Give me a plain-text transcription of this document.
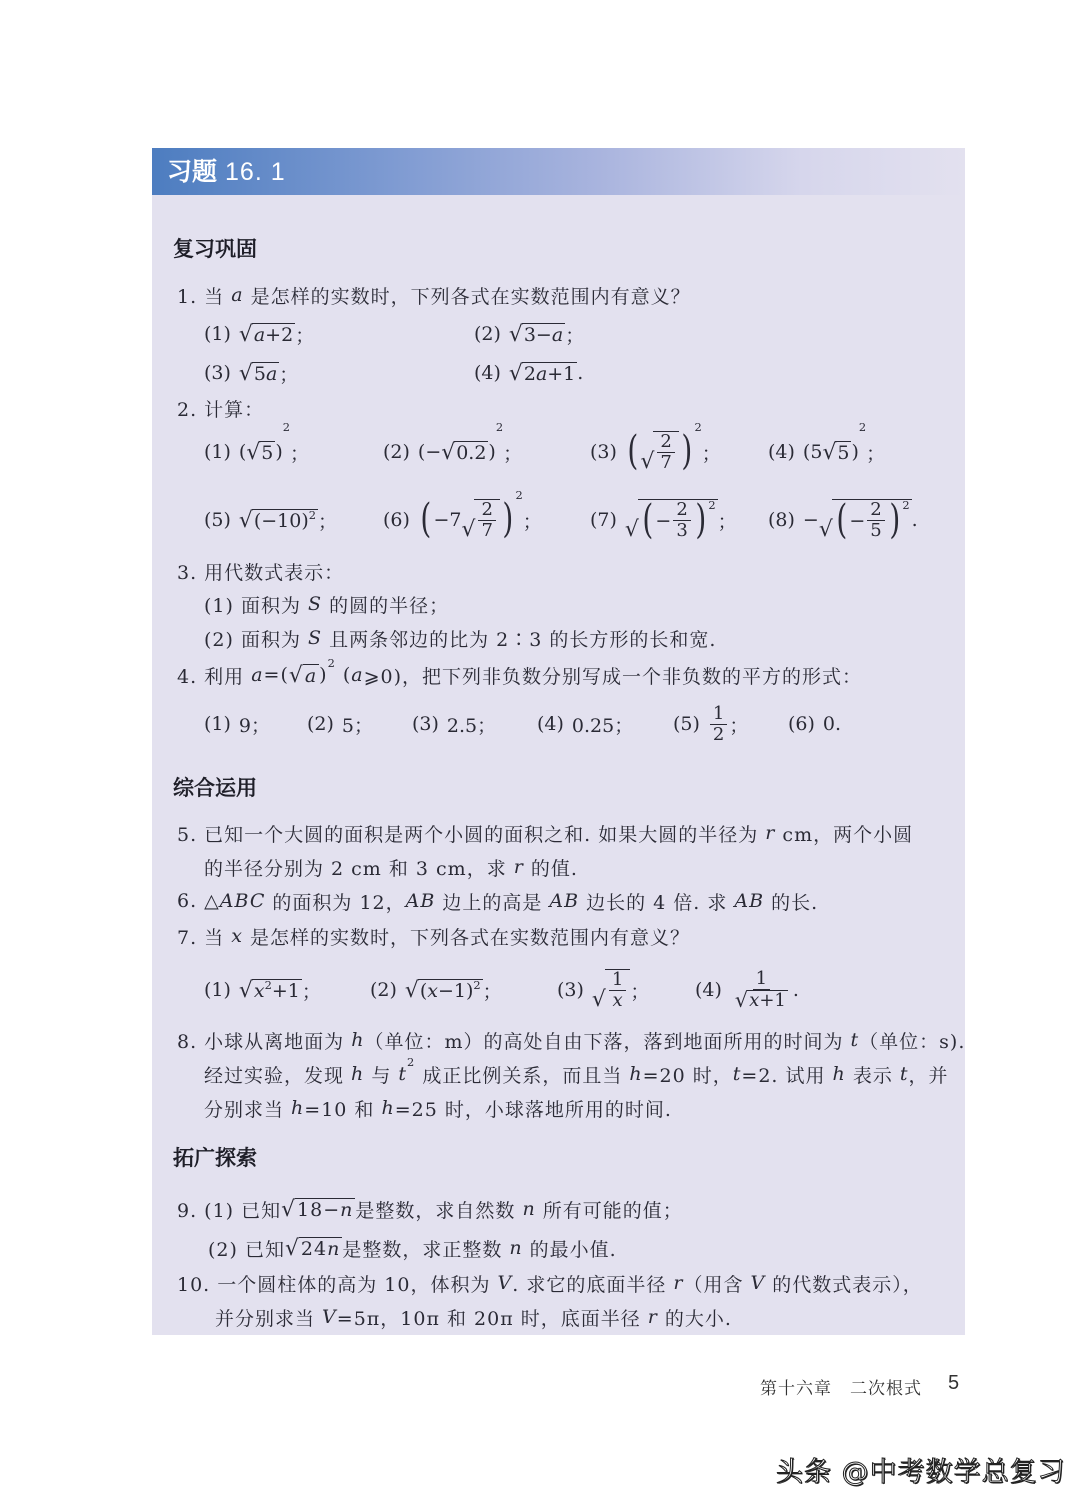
习题 16. 1
复习巩固
1. 当 a 是怎样的实数时，下列各式在实数范围内有意义？
(1) √ a +2 ；	(2) √ 3− a ；
(3) √ 5 a ；	(4) √ 2 a +1 .
2. 计算：
(1) ( √ 5 )
2
；	(2) (− √ 0.2 )
2
；	(3) ( √ $\frac{2}{7}$ )
2
； (4) (5 √ 5 )
2
；
(5) √ (−10) 2 ； (6) ( −7 √ $\frac{2}{7}$ )
2
；	(7) √ ( − $\frac{2}{3}$ ) 2
； (8) − √ ( − $\frac{2}{5}$ ) 2
.
3. 用代数式表示：
(1) 面积为 S 的圆的半径；
(2) 面积为 S 且两条邻边的比为 2∶3 的长方形的长和宽.
4. 利用 a =( √ a )
2
( a ⩾0)，把下列非负数分别写成一个非负数的平方的形式：
(1) 9； (2) 5； (3) 2.5； (4) 0.25； $(5) \frac{1}{2}$ ； (6) 0.
综合运用
5. 已知一个大圆的面积是两个小圆的面积之和. 如果大圆的半径为 r cm，两个小圆
的半径分别为 2 cm 和 3 cm，求 r 的值.
6. △ ABC 的面积为 12， AB 边上的高是 AB 边长的 4 倍. 求 AB 的长.
7. 当 x 是怎样的实数时，下列各式在实数范围内有意义？
(1) √ x 2 +1 ；	(2) √ ( x −1) 2 ；	(3) √ $\frac{1}{x}$ ； $(4) \frac{1}{√ x +1}$ .
8. 小球从离地面为 h （单位：m）的高处自由下落，落到地面所用的时间为 t （单位：s).
经过实验，发现 h 与 t
2
成正比例关系，而且当 h =20 时， t =2. 试用 h 表示 t ，并
分别求当 h =10 和 h =25 时，小球落地所用的时间.
拓广探索
9. (1) 已知 √ 18− n 是整数，求自然数 n 所有可能的值；
(2) 已知 √ 24 n 是整数，求正整数 n 的最小值.
10. 一个圆柱体的高为 10，体积为 V . 求它的底面半径 r （用含 V 的代数式表示），
并分别求当 V =5π，10π 和 20π 时，底面半径 r 的大小.
第十六章　二次根式 5
头条 @中考数学总复习
